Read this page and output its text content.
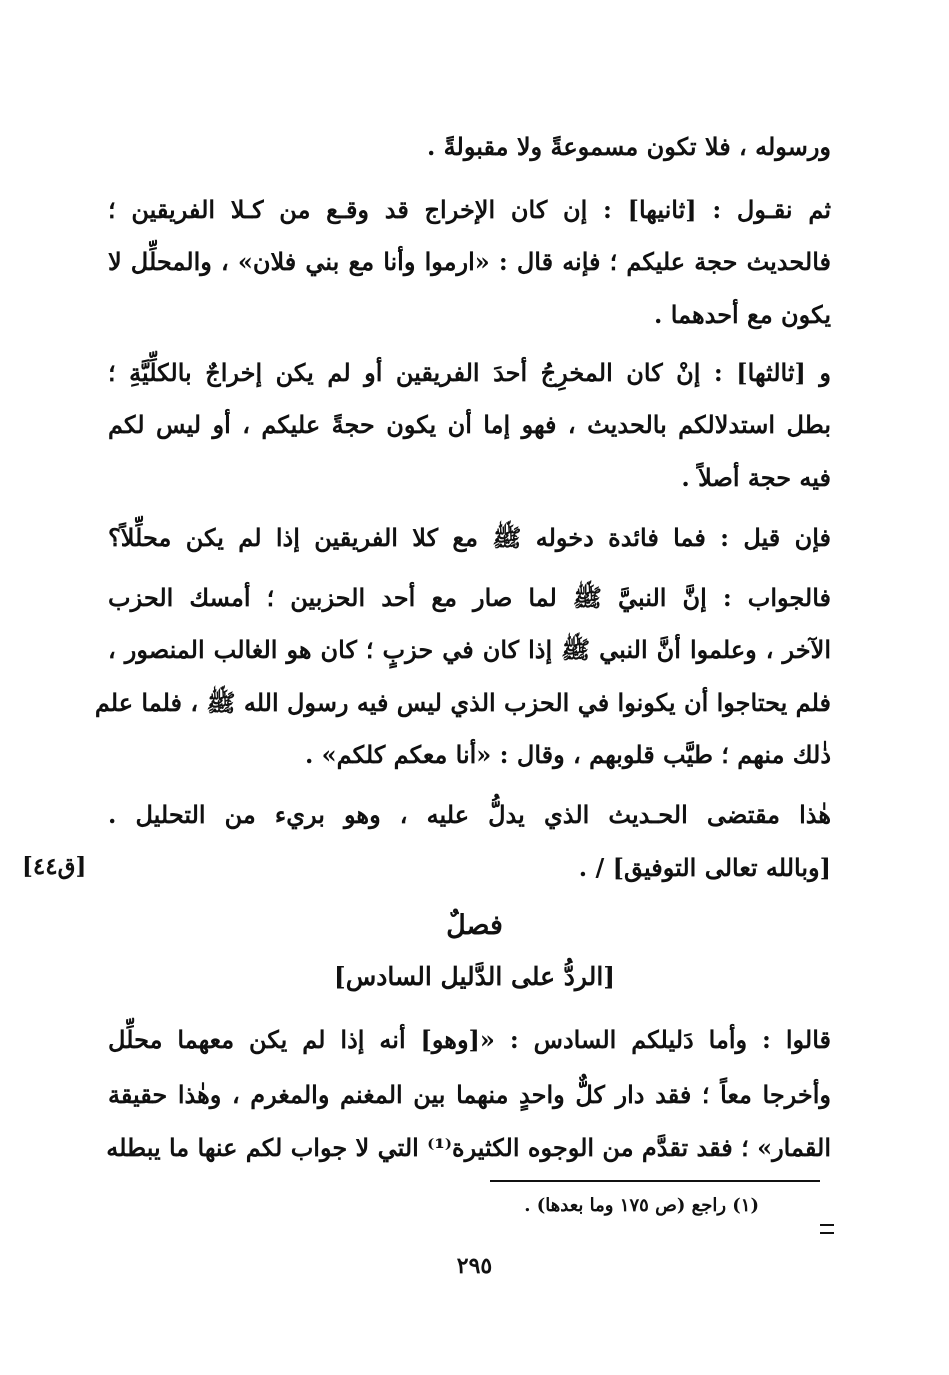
ورسوله ، فلا تكون مسموعةً ولا مقبولةً .
ثم نقـول : [ثانيها] : إن كان الإخراج قد وقـع من كـلا الفريقين ؛
فالحديث حجة عليكم ؛ فإنه قال : «ارموا وأنا مع بني فلان» ، والمحلِّل لا
يكون مع أحدهما .
و [ثالثها] : إنْ كان المخرِجُ أحدَ الفريقين أو لم يكن إخراجٌ بالكلِّيَّةِ ؛
بطل استدلالكم بالحديث ، فهو إما أن يكون حجةً عليكم ، أو ليس لكم
فيه حجة أصلاً .
فإن قيل : فما فائدة دخوله ﷺ مع كلا الفريقين إذا لم يكن محلِّلاً؟
فالجواب : إنَّ النبيَّ ﷺ لما صار مع أحد الحزبين ؛ أمسك الحزب
الآخر ، وعلموا أنَّ النبي ﷺ إذا كان في حزبٍ ؛ كان هو الغالب المنصور ،
فلم يحتاجوا أن يكونوا في الحزب الذي ليس فيه رسول الله ﷺ ، فلما علم
ذٰلك منهم ؛ طيَّب قلوبهم ، وقال : «أنا معكم كلكم» .
هٰذا مقتضى الحـديث الذي يدلُّ عليه ، وهو بريء من التحليل .
[وبالله تعالى التوفيق] / .
[ق٤٤]
فصلٌ
[الردُّ على الدَّليل السادس]
قالوا : وأما دَليلكم السادس : «[وهو] أنه إذا لم يكن معهما محلِّل
وأخرجا معاً ؛ فقد دار كلٌّ واحدٍ منهما بين المغنم والمغرم ، وهٰذا حقيقة
القمار» ؛ فقد تقدَّم من الوجوه الكثيرة⁽¹⁾ التي لا جواب لكم عنها ما يبطله
(١) راجع (ص ١٧٥ وما بعدها) .
٢٩٥
